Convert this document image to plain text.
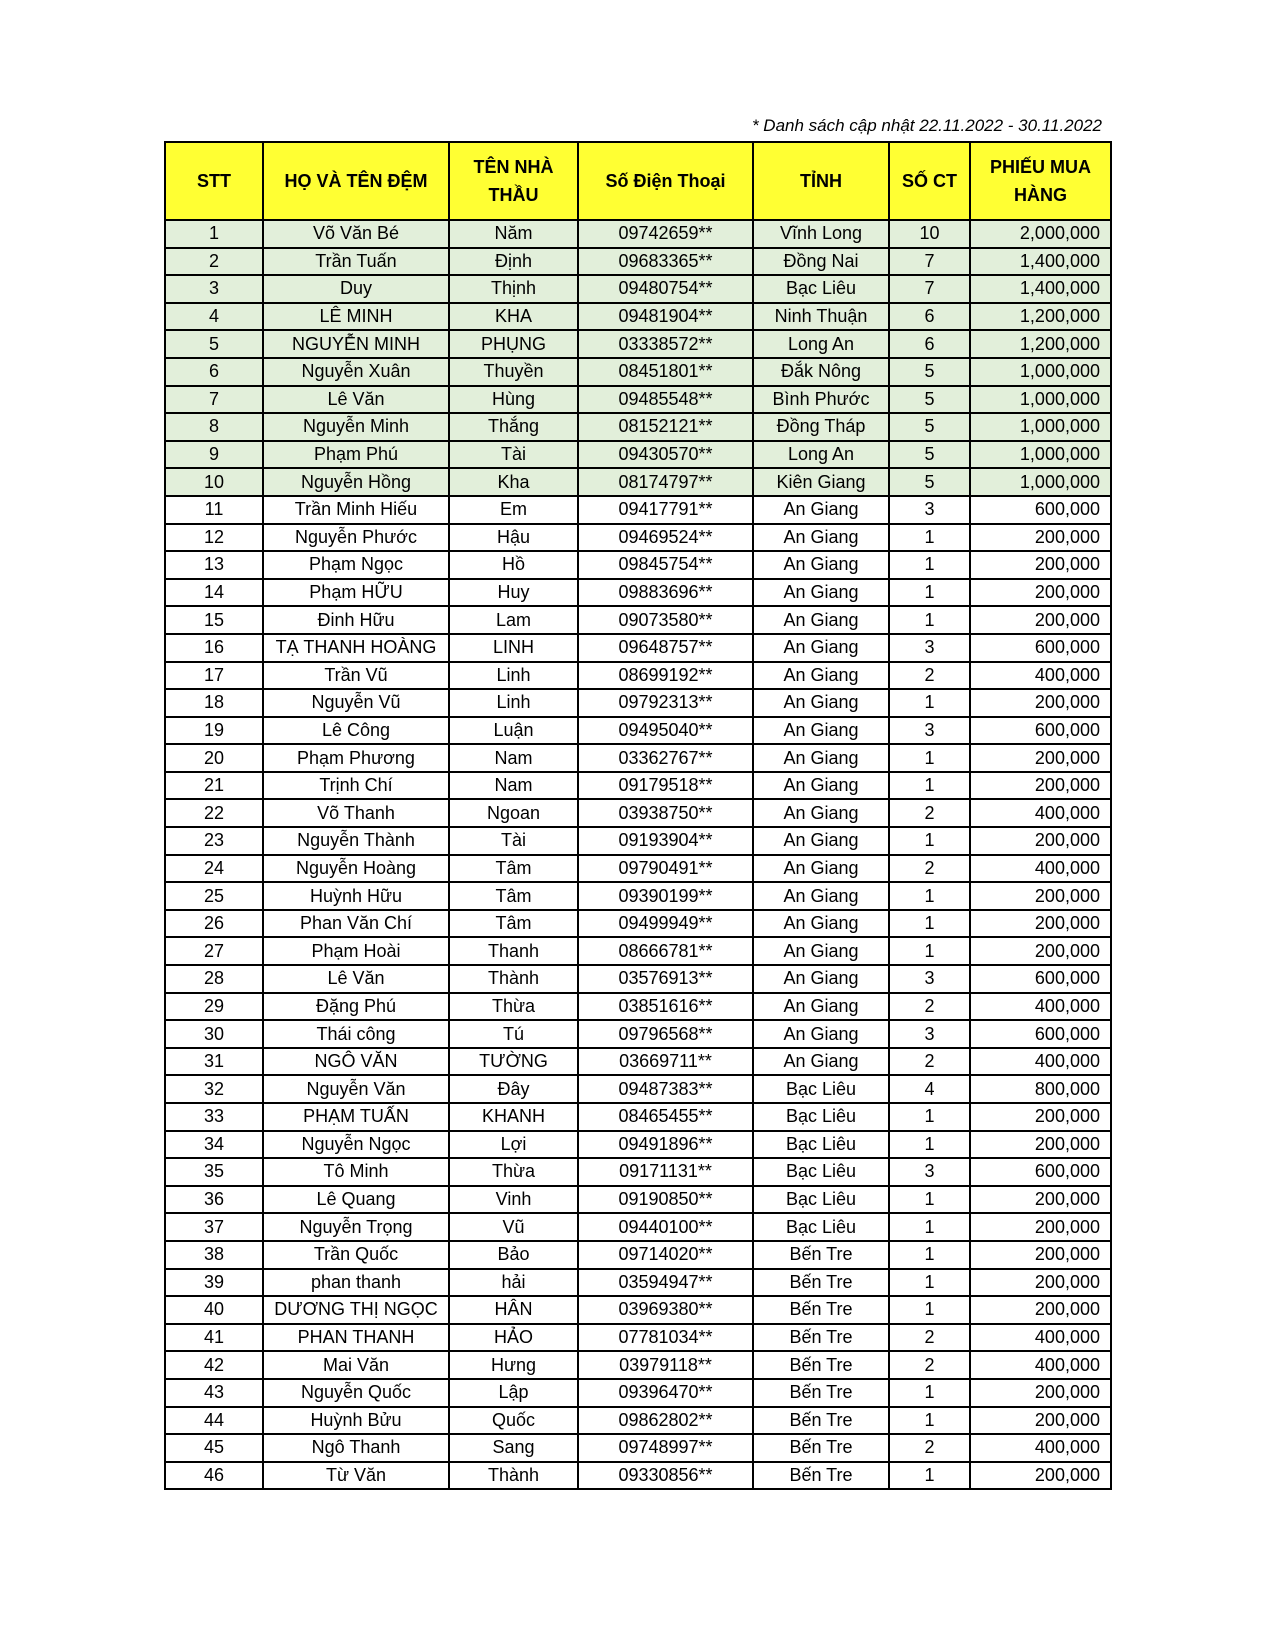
* Danh sách cập nhật 22.11.2022 - 30.11.2022
STT	HỌ VÀ TÊN ĐỆM	TÊN NHÀ THẦU	Số Điện Thoại	TỈNH	SỐ CT	PHIẾU MUA HÀNG
1	Võ Văn Bé	Năm	09742659**	Vĩnh Long	10	2,000,000
2	Trần Tuấn	Định	09683365**	Đồng Nai	7	1,400,000
3	Duy	Thịnh	09480754**	Bạc Liêu	7	1,400,000
4	LÊ MINH	KHA	09481904**	Ninh Thuận	6	1,200,000
5	NGUYỄN MINH	PHỤNG	03338572**	Long An	6	1,200,000
6	Nguyễn Xuân	Thuyền	08451801**	Đắk Nông	5	1,000,000
7	Lê Văn	Hùng	09485548**	Bình Phước	5	1,000,000
8	Nguyễn Minh	Thắng	08152121**	Đồng Tháp	5	1,000,000
9	Phạm Phú	Tài	09430570**	Long An	5	1,000,000
10	Nguyễn Hồng	Kha	08174797**	Kiên Giang	5	1,000,000
11	Trần Minh Hiếu	Em	09417791**	An Giang	3	600,000
12	Nguyễn Phước	Hậu	09469524**	An Giang	1	200,000
13	Phạm Ngọc	Hồ	09845754**	An Giang	1	200,000
14	Phạm HỮU	Huy	09883696**	An Giang	1	200,000
15	Đinh Hữu	Lam	09073580**	An Giang	1	200,000
16	TẠ THANH HOÀNG	LINH	09648757**	An Giang	3	600,000
17	Trần Vũ	Linh	08699192**	An Giang	2	400,000
18	Nguyễn Vũ	Linh	09792313**	An Giang	1	200,000
19	Lê Công	Luận	09495040**	An Giang	3	600,000
20	Phạm Phương	Nam	03362767**	An Giang	1	200,000
21	Trịnh Chí	Nam	09179518**	An Giang	1	200,000
22	Võ Thanh	Ngoan	03938750**	An Giang	2	400,000
23	Nguyễn Thành	Tài	09193904**	An Giang	1	200,000
24	Nguyễn Hoàng	Tâm	09790491**	An Giang	2	400,000
25	Huỳnh Hữu	Tâm	09390199**	An Giang	1	200,000
26	Phan Văn Chí	Tâm	09499949**	An Giang	1	200,000
27	Phạm Hoài	Thanh	08666781**	An Giang	1	200,000
28	Lê Văn	Thành	03576913**	An Giang	3	600,000
29	Đặng Phú	Thừa	03851616**	An Giang	2	400,000
30	Thái công	Tú	09796568**	An Giang	3	600,000
31	NGÔ VĂN	TƯỜNG	03669711**	An Giang	2	400,000
32	Nguyễn Văn	Đây	09487383**	Bạc Liêu	4	800,000
33	PHẠM TUẤN	KHANH	08465455**	Bạc Liêu	1	200,000
34	Nguyễn Ngọc	Lợi	09491896**	Bạc Liêu	1	200,000
35	Tô Minh	Thừa	09171131**	Bạc Liêu	3	600,000
36	Lê Quang	Vinh	09190850**	Bạc Liêu	1	200,000
37	Nguyễn Trọng	Vũ	09440100**	Bạc Liêu	1	200,000
38	Trần Quốc	Bảo	09714020**	Bến Tre	1	200,000
39	phan thanh	hải	03594947**	Bến Tre	1	200,000
40	DƯƠNG THỊ NGỌC	HÂN	03969380**	Bến Tre	1	200,000
41	PHAN THANH	HẢO	07781034**	Bến Tre	2	400,000
42	Mai Văn	Hưng	03979118**	Bến Tre	2	400,000
43	Nguyễn Quốc	Lập	09396470**	Bến Tre	1	200,000
44	Huỳnh Bửu	Quốc	09862802**	Bến Tre	1	200,000
45	Ngô Thanh	Sang	09748997**	Bến Tre	2	400,000
46	Từ Văn	Thành	09330856**	Bến Tre	1	200,000
